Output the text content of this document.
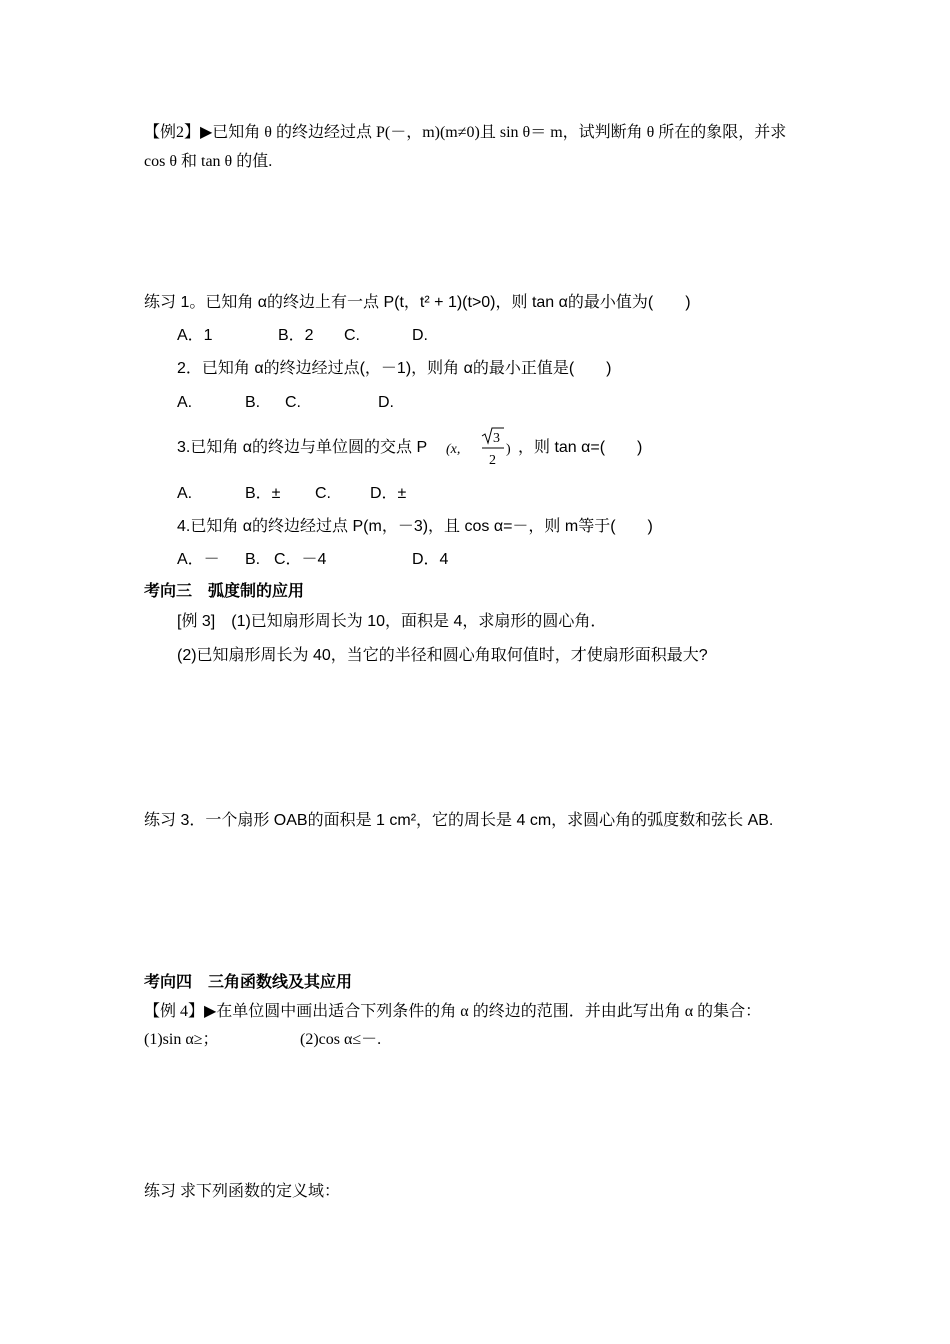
【例2】▶已知角 θ 的终边经过点 P(－，m)(m≠0)且 sin θ＝ m，试判断角 θ 所在的象限，并求
cos θ 和 tan θ 的值.
练习 1。已知角 α的终边上有一点 P(t，t² + 1)(t>0)，则 tan α的最小值为(　　)
A．1	B．2 C.	D.
2．已知角 α的终边经过点(，－1)，则角 α的最小正值是(　　)
A.	B. C.	D.
3.已知角 α的终边与单位圆的交点 P (x,
3
2
) ，则 tan α=(　　)
A.	B．± C. D．±
4.已知角 α的终边经过点 P(m，－3)，且 cos α=－，则 m等于(　　)
A．－ B. C．－4	D．4
考向三　弧度制的应用
[例 3]　(1)已知扇形周长为 10，面积是 4，求扇形的圆心角．
(2)已知扇形周长为 40，当它的半径和圆心角取何值时，才使扇形面积最大?
练习 3．一个扇形 OAB的面积是 1 cm²，它的周长是 4 cm，求圆心角的弧度数和弦长 AB.
考向四　三角函数线及其应用
【例 4】▶在单位圆中画出适合下列条件的角 α 的终边的范围．并由此写出角 α 的集合：
(1)sin α≥；	(2)cos α≤－.
练习 求下列函数的定义域：
